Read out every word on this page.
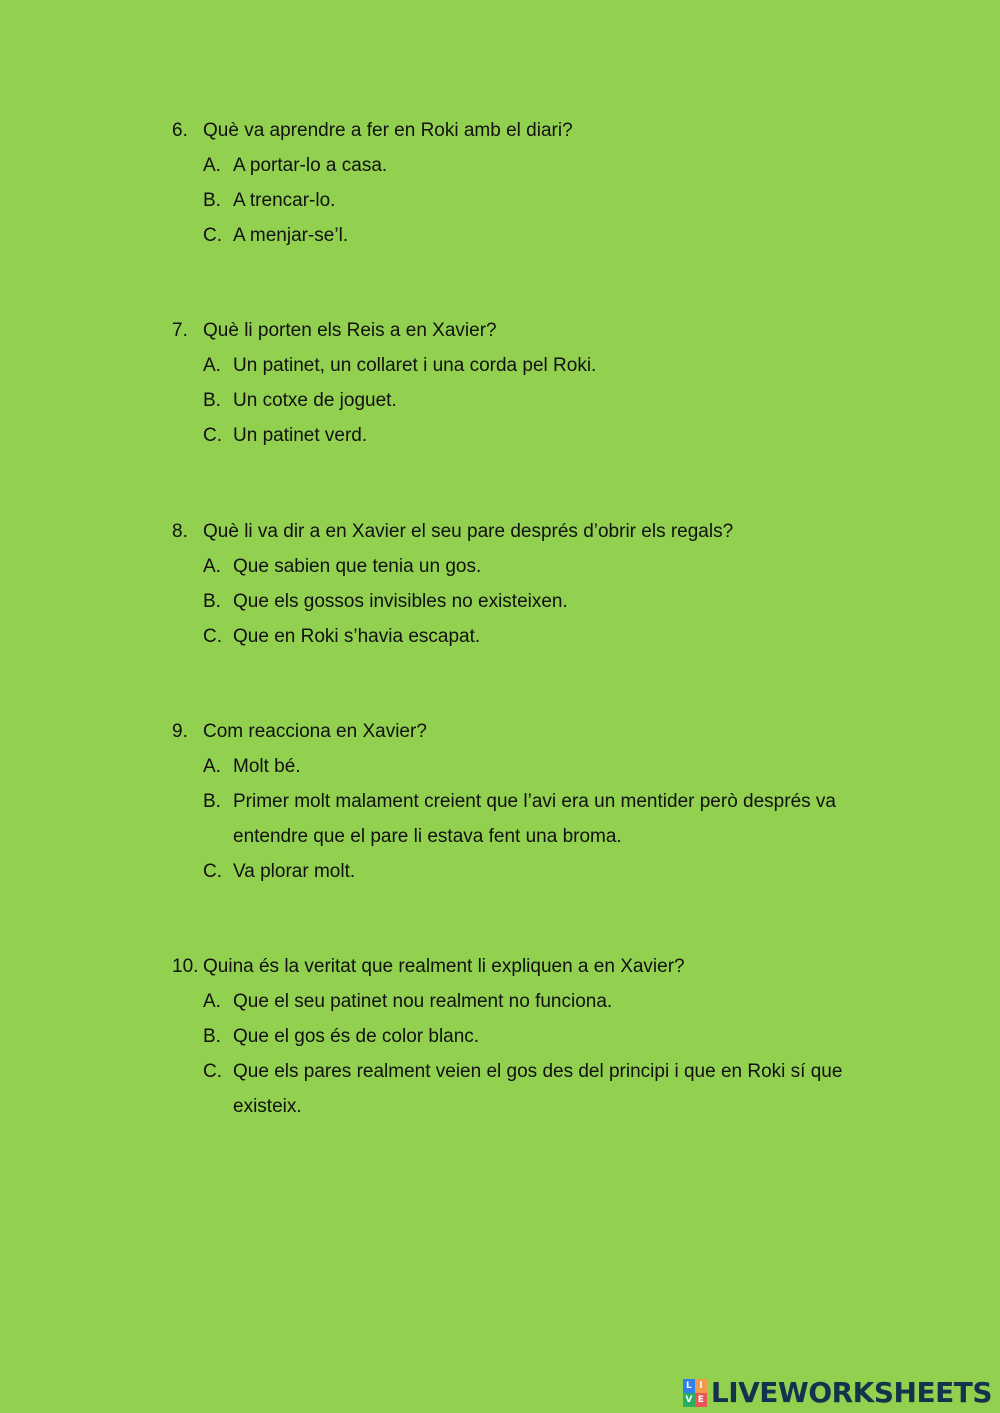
6. Què va aprendre a fer en Roki amb el diari?
A. A portar-lo a casa.
B. A trencar-lo.
C. A menjar-se’l.
7. Què li porten els Reis a en Xavier?
A. Un patinet, un collaret i una corda pel Roki.
B. Un cotxe de joguet.
C. Un patinet verd.
8. Què li va dir a en Xavier el seu pare després d’obrir els regals?
A. Que sabien que tenia un gos.
B. Que els gossos invisibles no existeixen.
C. Que en Roki s’havia escapat.
9. Com reacciona en Xavier?
A. Molt bé.
B. Primer molt malament creient que l’avi era un mentider però després va entendre que el pare li estava fent una broma.
C. Va plorar molt.
10. Quina és la veritat que realment li expliquen a en Xavier?
A. Que el seu patinet nou realment no funciona.
B. Que el gos és de color blanc.
C. Que els pares realment veien el gos des del principi i que en Roki sí que existeix.
L I
V E LIVEWORKSHEETS
